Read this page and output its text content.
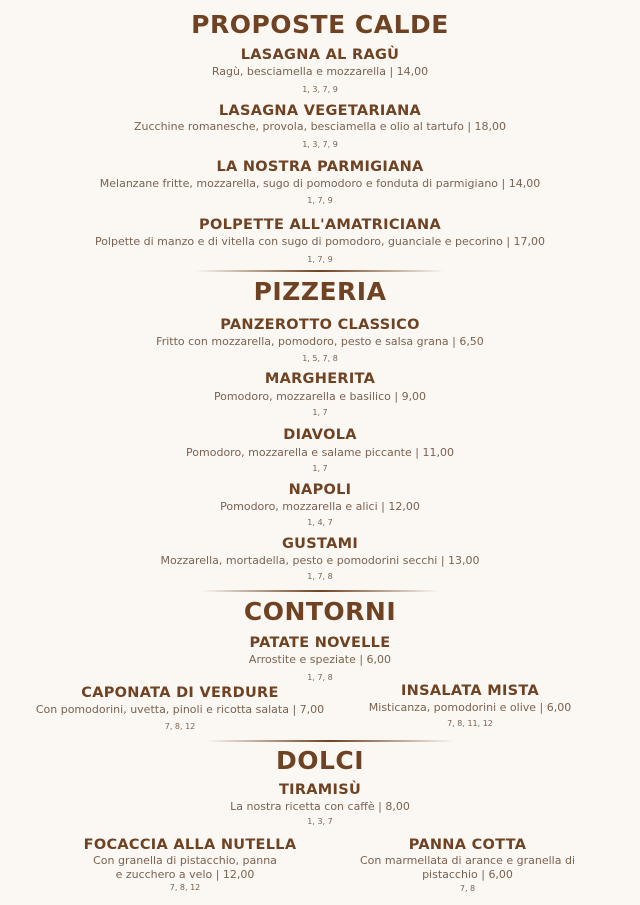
PROPOSTE CALDE
LASAGNA AL RAGÙ
Ragù, besciamella e mozzarella | 14,00
1, 3, 7, 9
LASAGNA VEGETARIANA
Zucchine romanesche, provola, besciamella e olio al tartufo | 18,00
1, 3, 7, 9
LA NOSTRA PARMIGIANA
Melanzane fritte, mozzarella, sugo di pomodoro e fonduta di parmigiano | 14,00
1, 7, 9
POLPETTE ALL'AMATRICIANA
Polpette di manzo e di vitella con sugo di pomodoro, guanciale e pecorino | 17,00
1, 7, 9
PIZZERIA
PANZEROTTO CLASSICO
Fritto con mozzarella, pomodoro, pesto e salsa grana | 6,50
1, 5, 7, 8
MARGHERITA
Pomodoro, mozzarella e basilico | 9,00
1, 7
DIAVOLA
Pomodoro, mozzarella e salame piccante | 11,00
1, 7
NAPOLI
Pomodoro, mozzarella e alici | 12,00
1, 4, 7
GUSTAMI
Mozzarella, mortadella, pesto e pomodorini secchi | 13,00
1, 7, 8
CONTORNI
PATATE NOVELLE
Arrostite e speziate | 6,00
1, 7, 8
CAPONATA DI VERDURE
Con pomodorini, uvetta, pinoli e ricotta salata | 7,00
7, 8, 12
INSALATA MISTA
Misticanza, pomodorini e olive | 6,00
7, 8, 11, 12
DOLCI
TIRAMISÙ
La nostra ricetta con caffè | 8,00
1, 3, 7
FOCACCIA ALLA NUTELLA
Con granella di pistacchio, panna
e zucchero a velo | 12,00
7, 8, 12
PANNA COTTA
Con marmellata di arance e granella di
pistacchio | 6,00
7, 8
